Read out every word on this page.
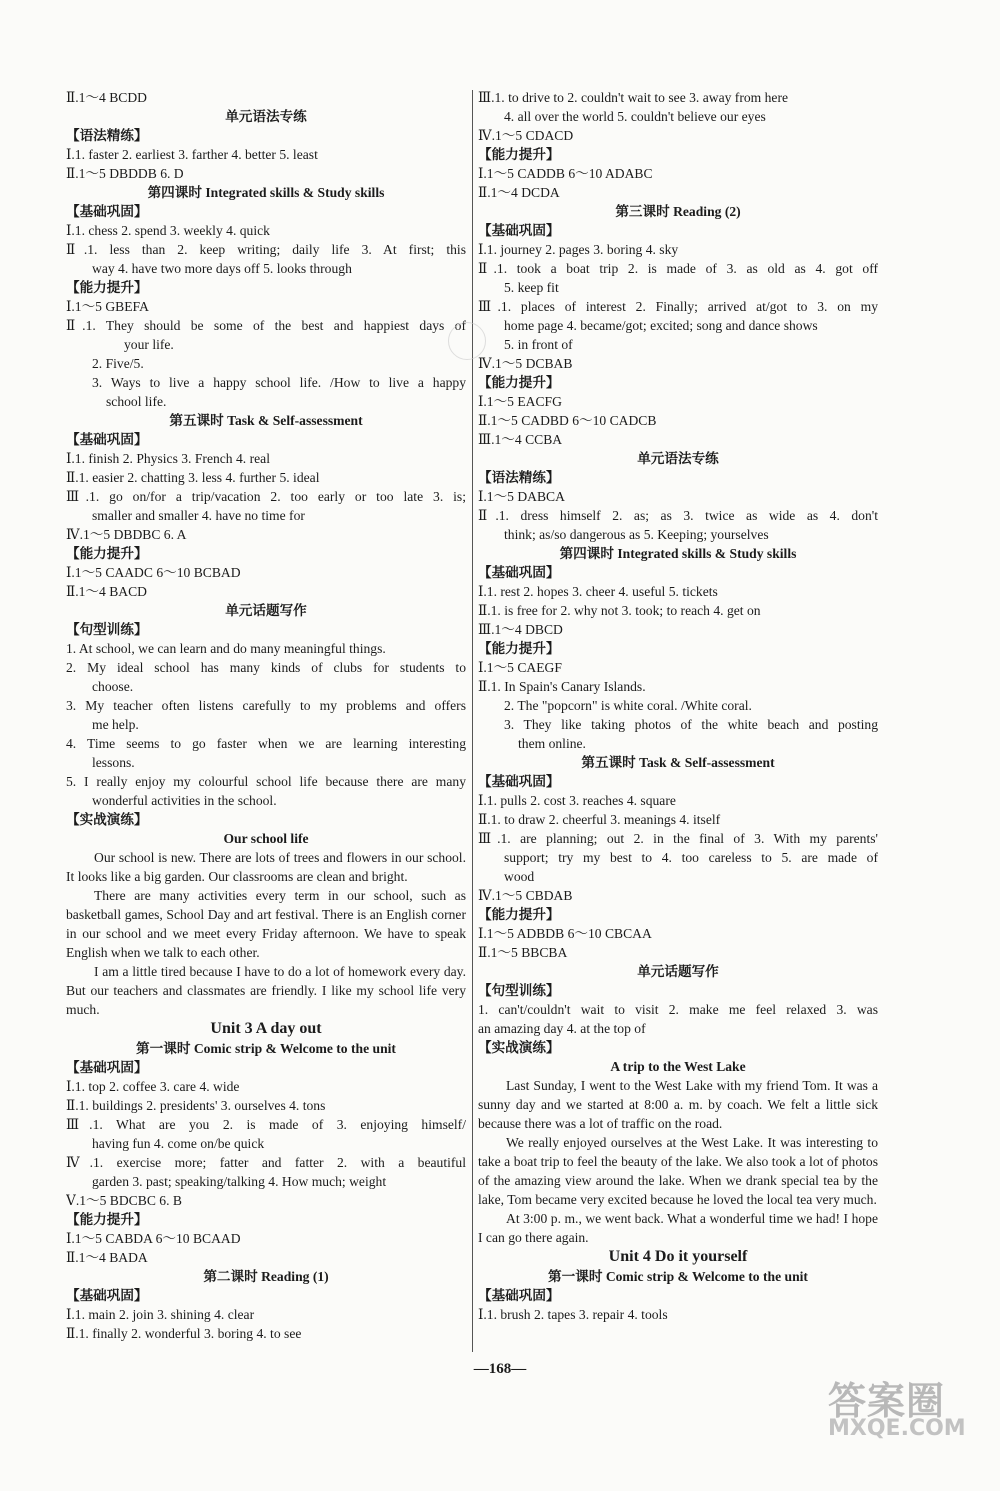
Ⅱ.1～4 BCDD
单元语法专练
【语法精练】
Ⅰ.1. faster 2. earliest 3. farther 4. better 5. least
Ⅱ.1～5 DBDDB 6. D
第四课时 Integrated skills & Study skills
【基础巩固】
Ⅰ.1. chess 2. spend 3. weekly 4. quick
Ⅱ.1. less than 2. keep writing; daily life 3. At first; this
way 4. have two more days off 5. looks through
【能力提升】
Ⅰ.1～5 GBEFA
Ⅱ.1. They should be some of the best and happiest days of
your life.
2. Five/5.
3. Ways to live a happy school life. /How to live a happy
school life.
第五课时 Task & Self-assessment
【基础巩固】
Ⅰ.1. finish 2. Physics 3. French 4. real
Ⅱ.1. easier 2. chatting 3. less 4. further 5. ideal
Ⅲ.1. go on/for a trip/vacation 2. too early or too late 3. is;
smaller and smaller 4. have no time for
Ⅳ.1～5 DBDBC 6. A
【能力提升】
Ⅰ.1～5 CAADC 6～10 BCBAD
Ⅱ.1～4 BACD
单元话题写作
【句型训练】
1. At school, we can learn and do many meaningful things.
2. My ideal school has many kinds of clubs for students to
choose.
3. My teacher often listens carefully to my problems and offers
me help.
4. Time seems to go faster when we are learning interesting
lessons.
5. I really enjoy my colourful school life because there are many
wonderful activities in the school.
【实战演练】
Our school life
Our school is new. There are lots of trees and flowers in our school. It looks like a big garden. Our classrooms are clean and bright.
There are many activities every term in our school, such as basketball games, School Day and art festival. There is an English corner in our school and we meet every Friday afternoon. We have to speak English when we talk to each other.
I am a little tired because I have to do a lot of homework every day. But our teachers and classmates are friendly. I like my school life very much.
Unit 3 A day out
第一课时 Comic strip & Welcome to the unit
【基础巩固】
Ⅰ.1. top 2. coffee 3. care 4. wide
Ⅱ.1. buildings 2. presidents' 3. ourselves 4. tons
Ⅲ.1. What are you 2. is made of 3. enjoying himself/
having fun 4. come on/be quick
Ⅳ.1. exercise more; fatter and fatter 2. with a beautiful
garden 3. past; speaking/talking 4. How much; weight
Ⅴ.1～5 BDCBC 6. B
【能力提升】
Ⅰ.1～5 CABDA 6～10 BCAAD
Ⅱ.1～4 BADA
第二课时 Reading (1)
【基础巩固】
Ⅰ.1. main 2. join 3. shining 4. clear
Ⅱ.1. finally 2. wonderful 3. boring 4. to see
Ⅲ.1. to drive to 2. couldn't wait to see 3. away from here
4. all over the world 5. couldn't believe our eyes
Ⅳ.1～5 CDACD
【能力提升】
Ⅰ.1～5 CADDB 6～10 ADABC
Ⅱ.1～4 DCDA
第三课时 Reading (2)
【基础巩固】
Ⅰ.1. journey 2. pages 3. boring 4. sky
Ⅱ.1. took a boat trip 2. is made of 3. as old as 4. got off
5. keep fit
Ⅲ.1. places of interest 2. Finally; arrived at/got to 3. on my
home page 4. became/got; excited; song and dance shows
5. in front of
Ⅳ.1～5 DCBAB
【能力提升】
Ⅰ.1～5 EACFG
Ⅱ.1～5 CADBD 6～10 CADCB
Ⅲ.1～4 CCBA
单元语法专练
【语法精练】
Ⅰ.1～5 DABCA
Ⅱ.1. dress himself 2. as; as 3. twice as wide as 4. don't
think; as/so dangerous as 5. Keeping; yourselves
第四课时 Integrated skills & Study skills
【基础巩固】
Ⅰ.1. rest 2. hopes 3. cheer 4. useful 5. tickets
Ⅱ.1. is free for 2. why not 3. took; to reach 4. get on
Ⅲ.1～4 DBCD
【能力提升】
Ⅰ.1～5 CAEGF
Ⅱ.1. In Spain's Canary Islands.
2. The "popcorn" is white coral. /White coral.
3. They like taking photos of the white beach and posting
them online.
第五课时 Task & Self-assessment
【基础巩固】
Ⅰ.1. pulls 2. cost 3. reaches 4. square
Ⅱ.1. to draw 2. cheerful 3. meanings 4. itself
Ⅲ.1. are planning; out 2. in the final of 3. With my parents'
support; try my best to 4. too careless to 5. are made of
wood
Ⅳ.1～5 CBDAB
【能力提升】
Ⅰ.1～5 ADBDB 6～10 CBCAA
Ⅱ.1～5 BBCBA
单元话题写作
【句型训练】
1. can't/couldn't wait to visit 2. make me feel relaxed 3. was
an amazing day 4. at the top of
【实战演练】
A trip to the West Lake
Last Sunday, I went to the West Lake with my friend Tom. It was a sunny day and we started at 8:00 a. m. by coach. We felt a little sick because there was a lot of traffic on the road.
We really enjoyed ourselves at the West Lake. It was interesting to take a boat trip to feel the beauty of the lake. We also took a lot of photos of the amazing view around the lake. When we drank special tea by the lake, Tom became very excited because he loved the local tea very much.
At 3:00 p. m., we went back. What a wonderful time we had! I hope I can go there again.
Unit 4 Do it yourself
第一课时 Comic strip & Welcome to the unit
【基础巩固】
Ⅰ.1. brush 2. tapes 3. repair 4. tools
—168—
答案圈
MXQE.COM
